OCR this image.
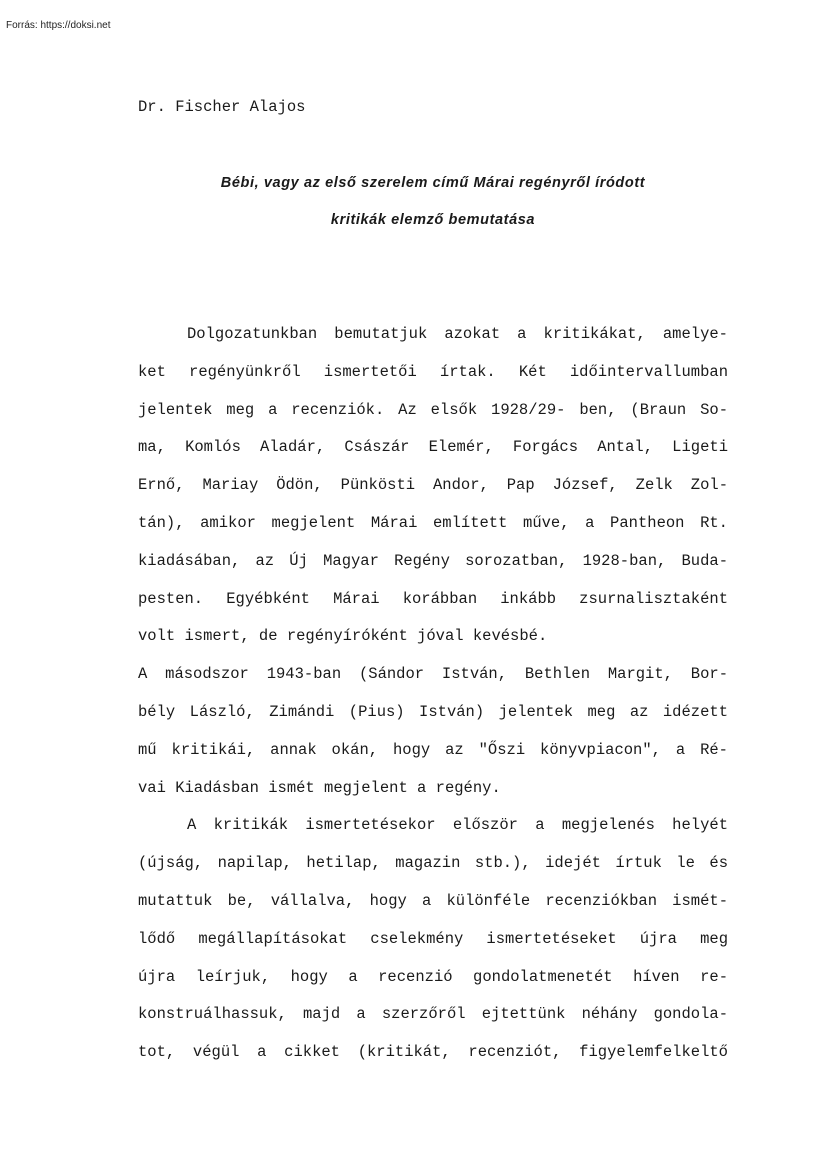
Forrás: https://doksi.net
Dr. Fischer Alajos
Bébi, vagy az első szerelem című Márai regényről íródott
kritikák elemző bemutatása
Dolgozatunkban bemutatjuk azokat a kritikákat, amelye-
ket regényünkről ismertetői írtak. Két időintervallumban
jelentek meg a recenziók. Az elsők 1928/29- ben, (Braun So-
ma, Komlós Aladár, Császár Elemér, Forgács Antal, Ligeti
Ernő, Mariay Ödön, Pünkösti Andor, Pap József, Zelk Zol-
tán), amikor megjelent Márai említett műve, a Pantheon Rt.
kiadásában, az Új Magyar Regény sorozatban, 1928-ban, Buda-
pesten. Egyébként Márai korábban inkább zsurnalisztaként
volt ismert, de regényíróként jóval kevésbé.
A másodszor 1943-ban (Sándor István, Bethlen Margit, Bor-
bély László, Zimándi (Pius) István) jelentek meg az idézett
mű kritikái, annak okán, hogy az "Őszi könyvpiacon", a Ré-
vai Kiadásban ismét megjelent a regény.
A kritikák ismertetésekor először a megjelenés helyét
(újság, napilap, hetilap, magazin stb.), idejét írtuk le és
mutattuk be, vállalva, hogy a különféle recenziókban ismét-
lődő megállapításokat cselekmény ismertetéseket újra meg
újra leírjuk, hogy a recenzió gondolatmenetét híven re-
konstruálhassuk, majd a szerzőről ejtettünk néhány gondola-
tot, végül a cikket (kritikát, recenziót, figyelemfelkeltő
